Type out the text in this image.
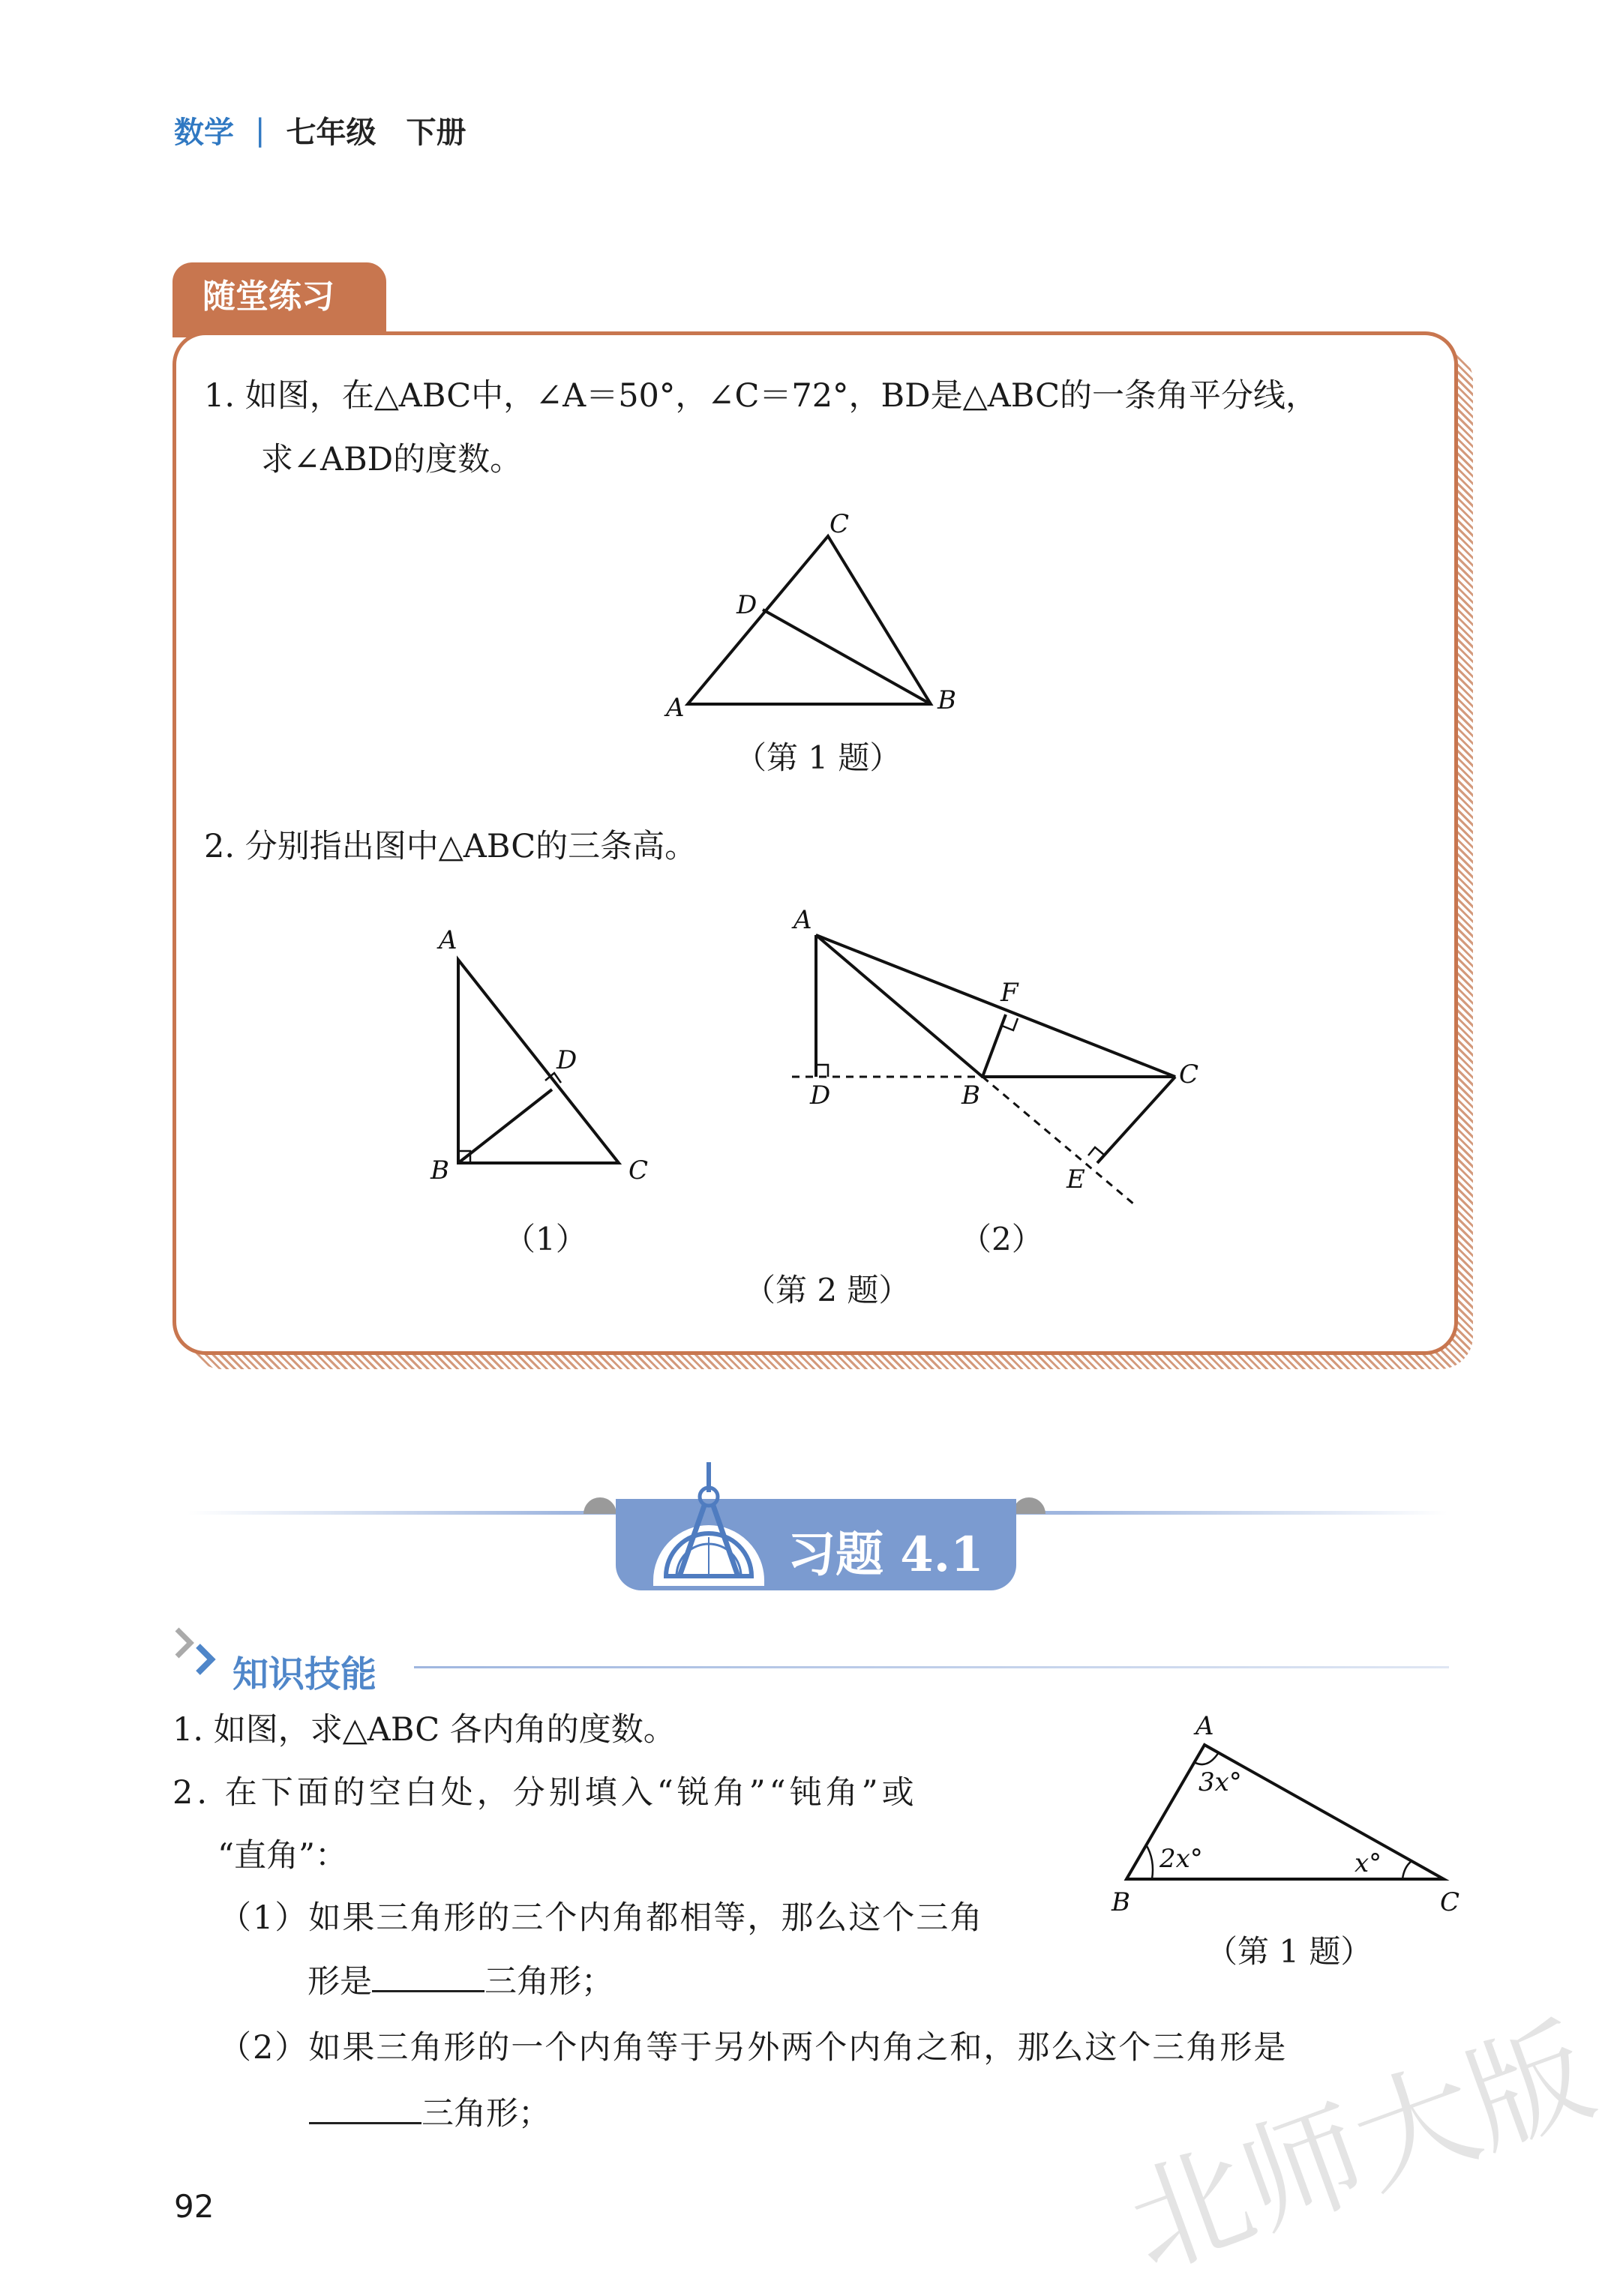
数学 | 七年级　下册
北师大版
随堂练习
1. 如图，在△ABC中，∠A＝50°，∠C＝72°，BD是△ABC的一条角平分线，
求∠ABD的度数。
（第 1 题）
2. 分别指出图中△ABC的三条高。
（1）	（2）
（第 2 题）
A	B
C
D
A
B	C
D
A
B
C
D
E
F
A
B	C
3x°
2x°	x°
习题 4.1
知识技能
1. 如图，求△ABC 各内角的度数。
2. 在下面的空白处，分别填入“锐角”“钝角”或
“直角”：
（1）如果三角形的三个内角都相等，那么这个三角
形是	三角形；
（2）如果三角形的一个内角等于另外两个内角之和，那么这个三角形是
三角形；
（第 1 题）
92
